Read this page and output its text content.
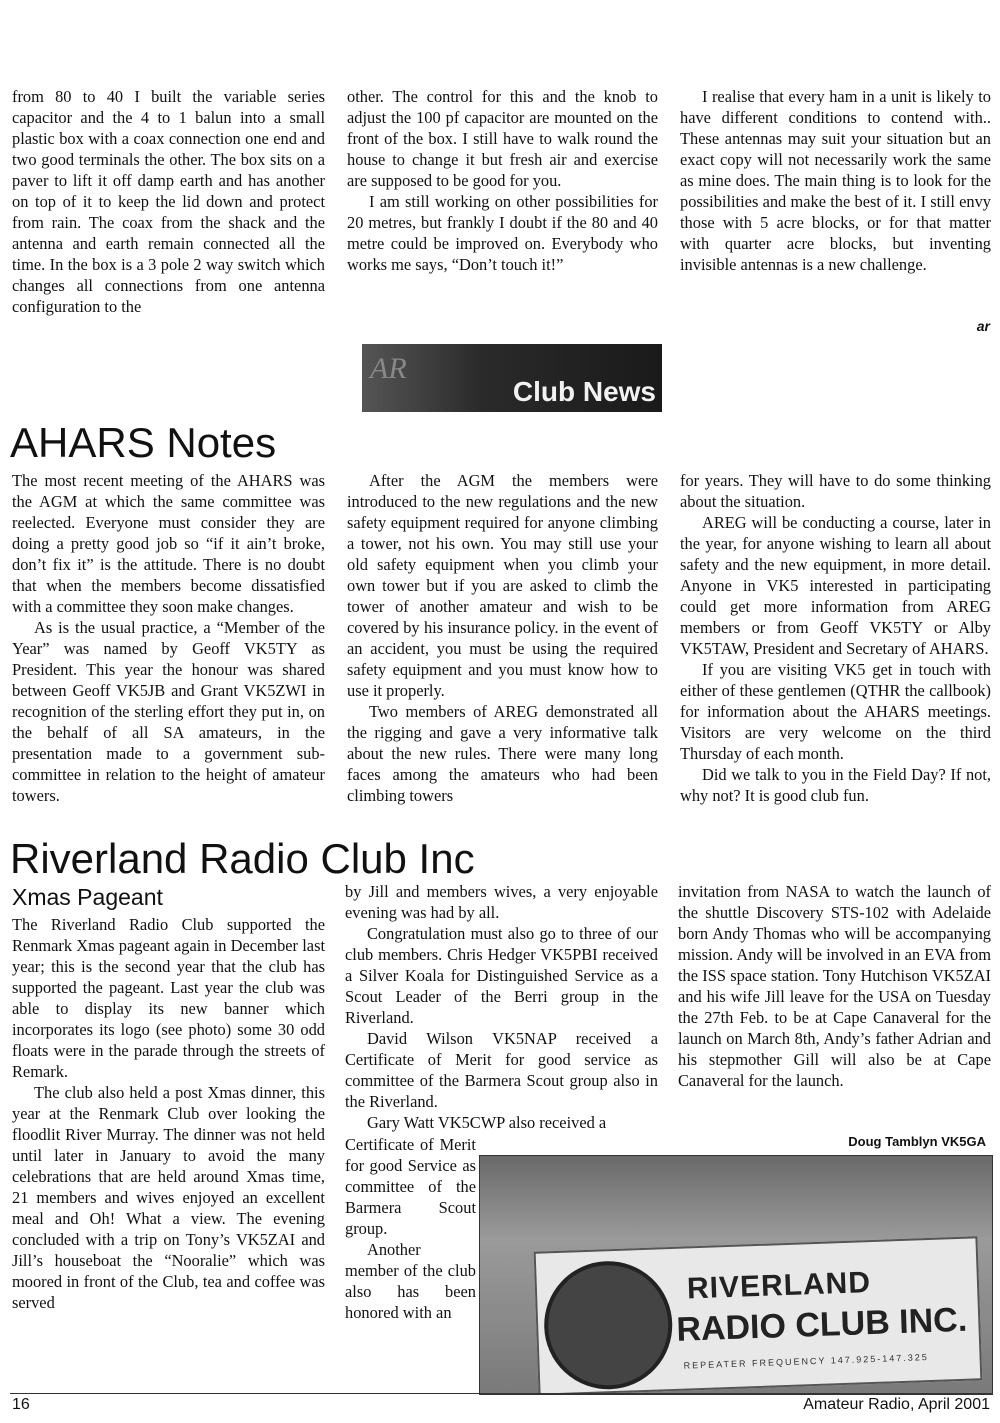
from 80 to 40 I built the variable series capacitor and the 4 to 1 balun into a small plastic box with a coax connection one end and two good terminals the other. The box sits on a paver to lift it off damp earth and has another on top of it to keep the lid down and protect from rain. The coax from the shack and the antenna and earth remain connected all the time. In the box is a 3 pole 2 way switch which changes all connections from one antenna configuration to the

other. The control for this and the knob to adjust the 100 pf capacitor are mounted on the front of the box. I still have to walk round the house to change it but fresh air and exercise are supposed to be good for you.

I am still working on other possibilities for 20 metres, but frankly I doubt if the 80 and 40 metre could be improved on. Everybody who works me says, “Don’t touch it!”

I realise that every ham in a unit is likely to have different conditions to contend with.. These antennas may suit your situation but an exact copy will not necessarily work the same as mine does. The main thing is to look for the possibilities and make the best of it. I still envy those with 5 acre blocks, or for that matter with quarter acre blocks, but inventing invisible antennas is a new challenge.

ar
AR
Club News
AHARS Notes

The most recent meeting of the AHARS was the AGM at which the same committee was reelected. Everyone must consider they are doing a pretty good job so “if it ain’t broke, don’t fix it” is the attitude. There is no doubt that when the members become dissatisfied with a committee they soon make changes.

As is the usual practice, a “Member of the Year” was named by Geoff VK5TY as President. This year the honour was shared between Geoff VK5JB and Grant VK5ZWI in recognition of the sterling effort they put in, on the behalf of all SA amateurs, in the presentation made to a government sub-committee in relation to the height of amateur towers.

After the AGM the members were introduced to the new regulations and the new safety equipment required for anyone climbing a tower, not his own. You may still use your old safety equipment when you climb your own tower but if you are asked to climb the tower of another amateur and wish to be covered by his insurance policy. in the event of an accident, you must be using the required safety equipment and you must know how to use it properly.

Two members of AREG demonstrated all the rigging and gave a very informative talk about the new rules. There were many long faces among the amateurs who had been climbing towers

for years. They will have to do some thinking about the situation.

AREG will be conducting a course, later in the year, for anyone wishing to learn all about safety and the new equipment, in more detail. Anyone in VK5 interested in participating could get more information from AREG members or from Geoff VK5TY or Alby VK5TAW, President and Secretary of AHARS.

If you are visiting VK5 get in touch with either of these gentlemen (QTHR the callbook) for information about the AHARS meetings. Visitors are very welcome on the third Thursday of each month.

Did we talk to you in the Field Day? If not, why not? It is good club fun.

Riverland Radio Club Inc
Xmas Pageant

The Riverland Radio Club supported the Renmark Xmas pageant again in December last year; this is the second year that the club has supported the pageant. Last year the club was able to display its new banner which incorporates its logo (see photo) some 30 odd floats were in the parade through the streets of Remark.

The club also held a post Xmas dinner, this year at the Renmark Club over looking the floodlit River Murray. The dinner was not held until later in January to avoid the many celebrations that are held around Xmas time, 21 members and wives enjoyed an excellent meal and Oh! What a view. The evening concluded with a trip on Tony’s VK5ZAI and Jill’s houseboat the “Nooralie” which was moored in front of the Club, tea and coffee was served

by Jill and members wives, a very enjoyable evening was had by all.

Congratulation must also go to three of our club members. Chris Hedger VK5PBI received a Silver Koala for Distinguished Service as a Scout Leader of the Berri group in the Riverland.

David Wilson VK5NAP received a Certificate of Merit for good service as committee of the Barmera Scout group also in the Riverland.

Gary Watt VK5CWP also received a

Certificate of Merit for good Service as committee of the Barmera Scout group.

Another member of the club also has been honored with an

invitation from NASA to watch the launch of the shuttle Discovery STS-102 with Adelaide born Andy Thomas who will be accompanying mission. Andy will be involved in an EVA from the ISS space station. Tony Hutchison VK5ZAI and his wife Jill leave for the USA on Tuesday the 27th Feb. to be at Cape Canaveral for the launch on March 8th, Andy’s father Adrian and his stepmother Gill will also be at Cape Canaveral for the launch.

Doug Tamblyn VK5GA
RIVERLAND
RADIO CLUB INC.
REPEATER FREQUENCY 147.925-147.325
16	Amateur Radio, April 2001
